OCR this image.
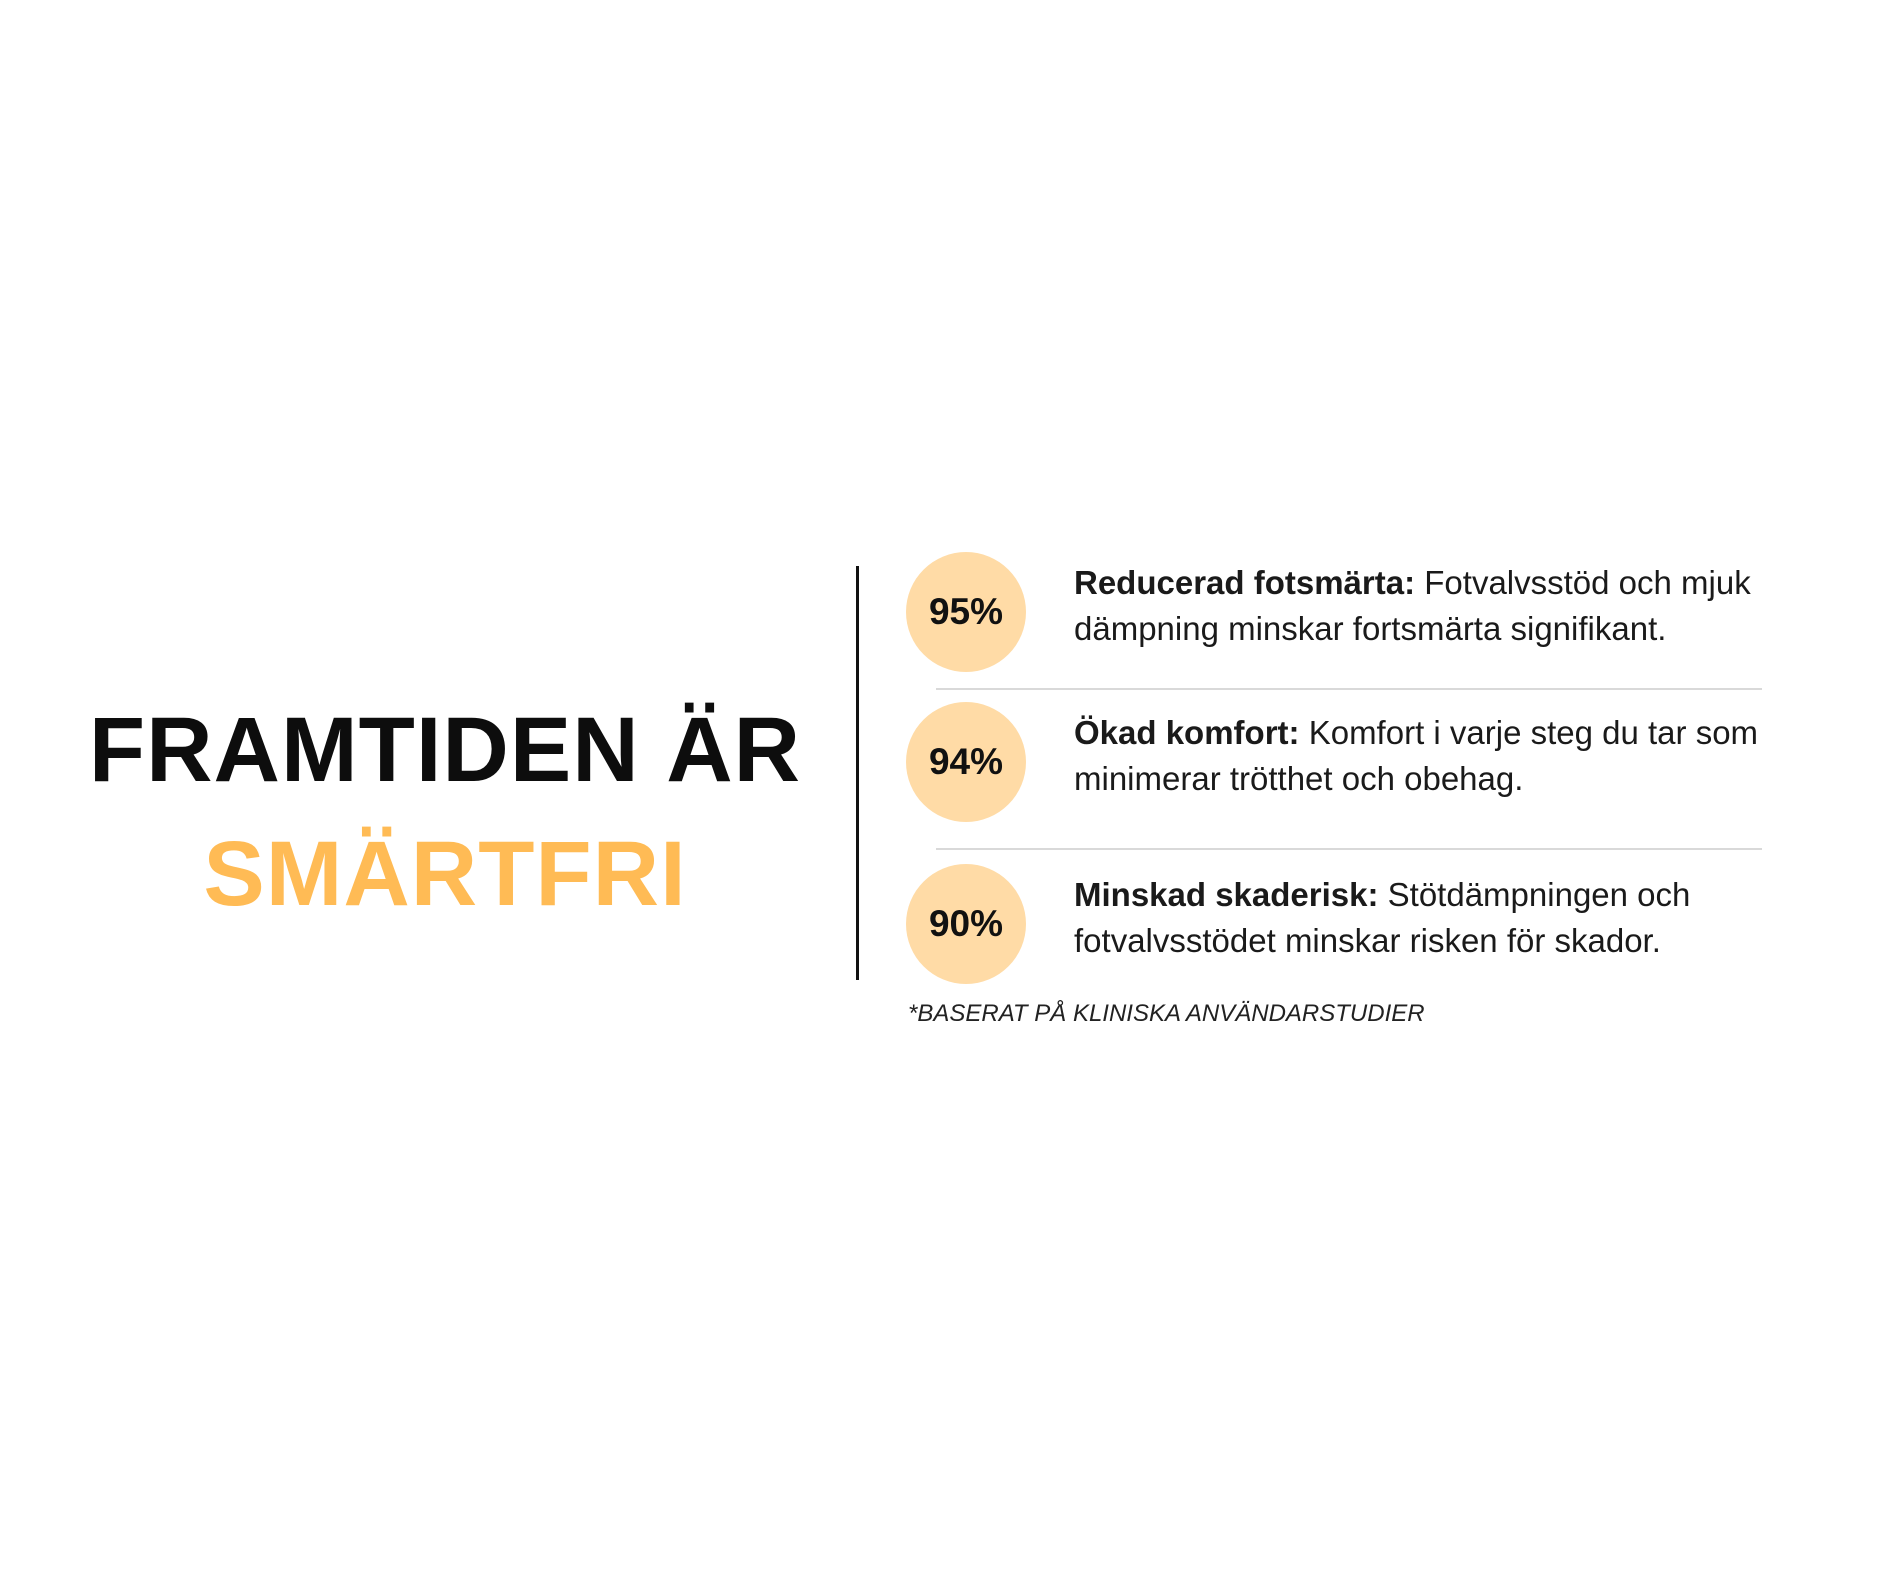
FRAMTIDEN ÄR
SMÄRTFRI
95%
Reducerad fotsmärta: Fotvalvsstöd och mjuk dämpning minskar fortsmärta signifikant.
94%
Ökad komfort: Komfort i varje steg du tar som minimerar trötthet och obehag.
90%
Minskad skaderisk: Stötdämpningen och fotvalvsstödet minskar risken för skador.
*BASERAT PÅ KLINISKA ANVÄNDARSTUDIER
